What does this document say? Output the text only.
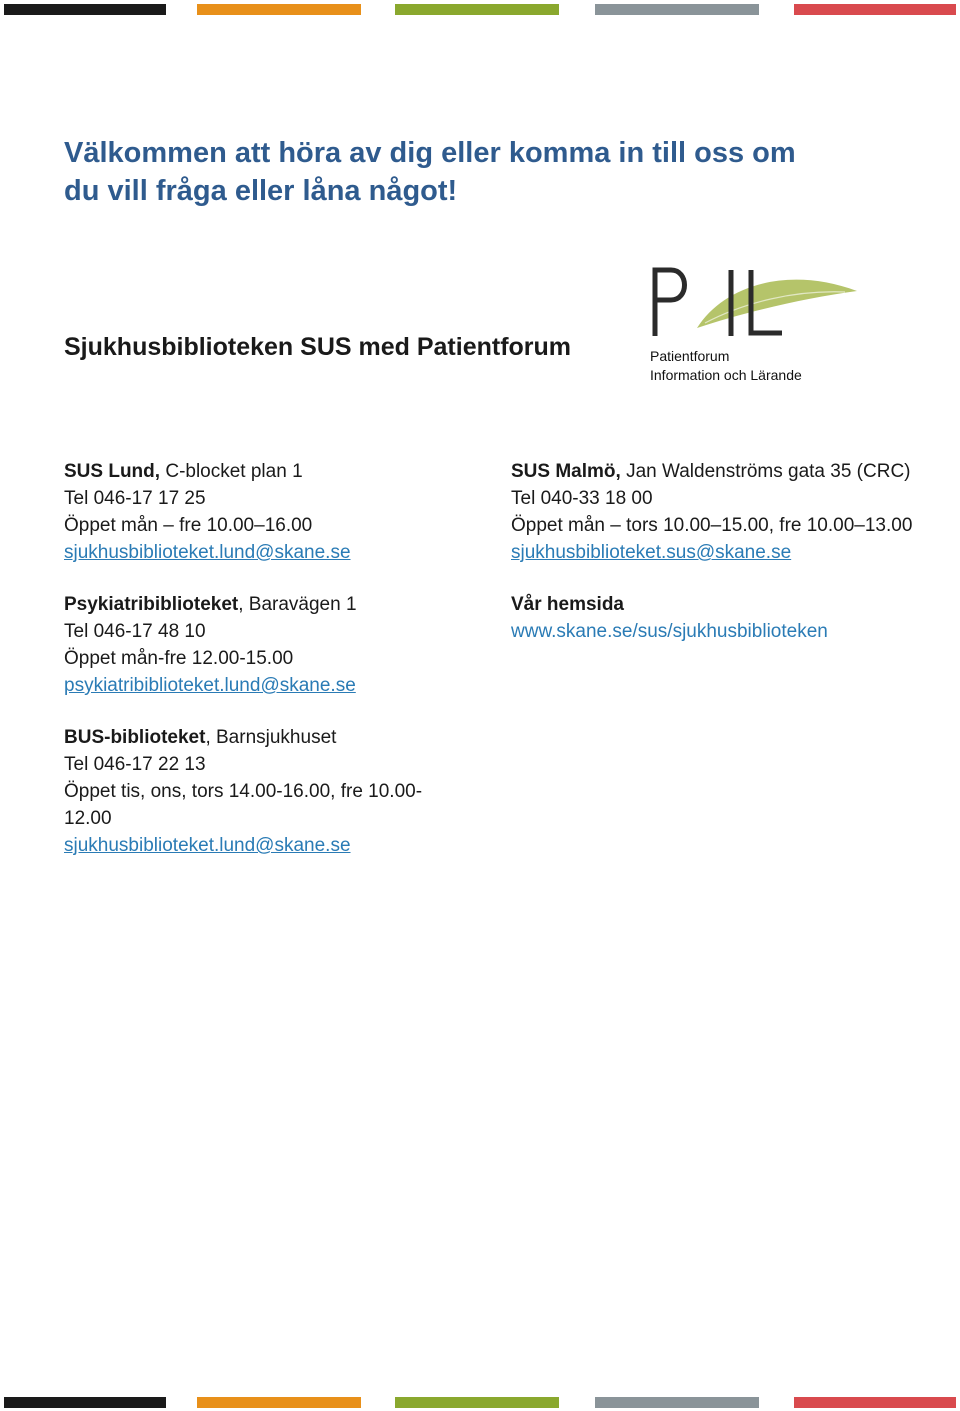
Välkommen att höra av dig eller komma in till oss om du vill fråga eller låna något!
Sjukhusbiblioteken SUS med Patientforum
PIL
Patientforum
Information och Lärande
SUS Lund, C-blocket plan 1
Tel 046-17 17 25
Öppet mån – fre 10.00–16.00
sjukhusbiblioteket.lund@skane.se
Psykiatribiblioteket, Baravägen 1
Tel 046-17 48 10
Öppet mån-fre 12.00-15.00
psykiatribiblioteket.lund@skane.se
BUS-biblioteket, Barnsjukhuset
Tel 046-17 22 13
Öppet tis, ons, tors 14.00-16.00, fre 10.00-12.00
sjukhusbiblioteket.lund@skane.se
SUS Malmö, Jan Waldenströms gata 35 (CRC)
Tel 040-33 18 00
Öppet mån – tors 10.00–15.00, fre 10.00–13.00
sjukhusbiblioteket.sus@skane.se
Vår hemsida
www.skane.se/sus/sjukhusbiblioteken
